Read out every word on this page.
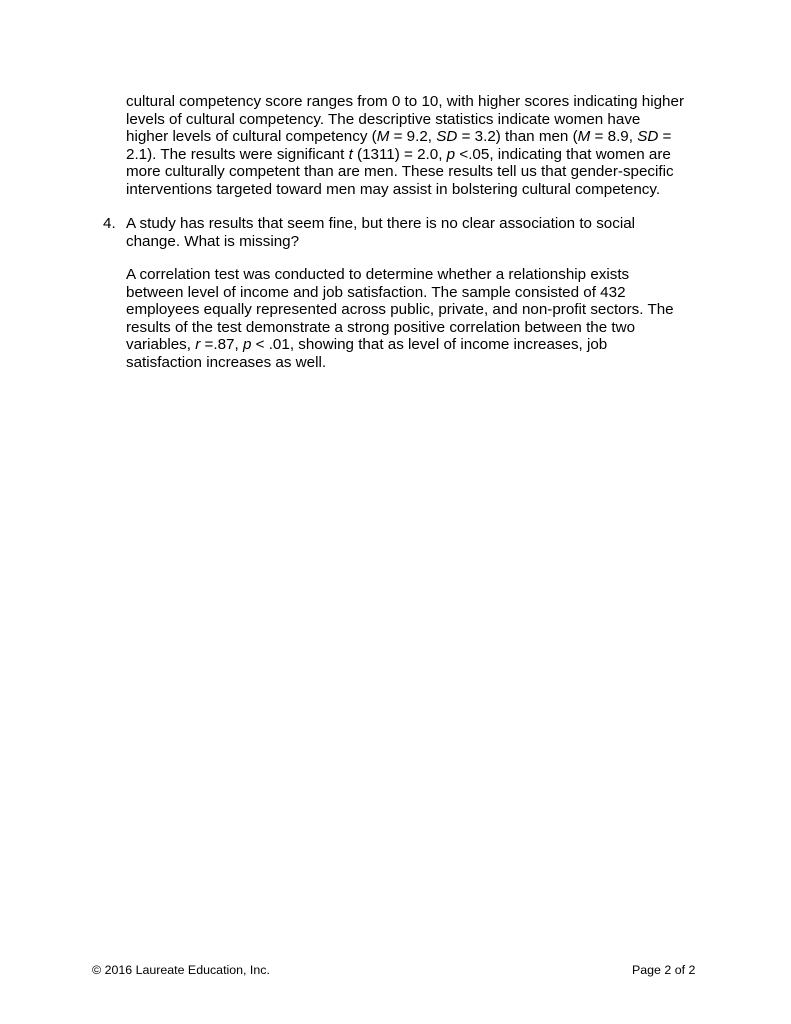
cultural competency score ranges from 0 to 10, with higher scores indicating higher
levels of cultural competency. The descriptive statistics indicate women have
higher levels of cultural competency (M = 9.2, SD = 3.2) than men (M = 8.9, SD =
2.1). The results were significant t (1311) = 2.0, p <.05, indicating that women are
more culturally competent than are men. These results tell us that gender-specific
interventions targeted toward men may assist in bolstering cultural competency.
4. A study has results that seem fine, but there is no clear association to social
change. What is missing?
A correlation test was conducted to determine whether a relationship exists
between level of income and job satisfaction. The sample consisted of 432
employees equally represented across public, private, and non-profit sectors. The
results of the test demonstrate a strong positive correlation between the two
variables, r =.87, p < .01, showing that as level of income increases, job
satisfaction increases as well.
© 2016 Laureate Education, Inc.	Page 2 of 2
